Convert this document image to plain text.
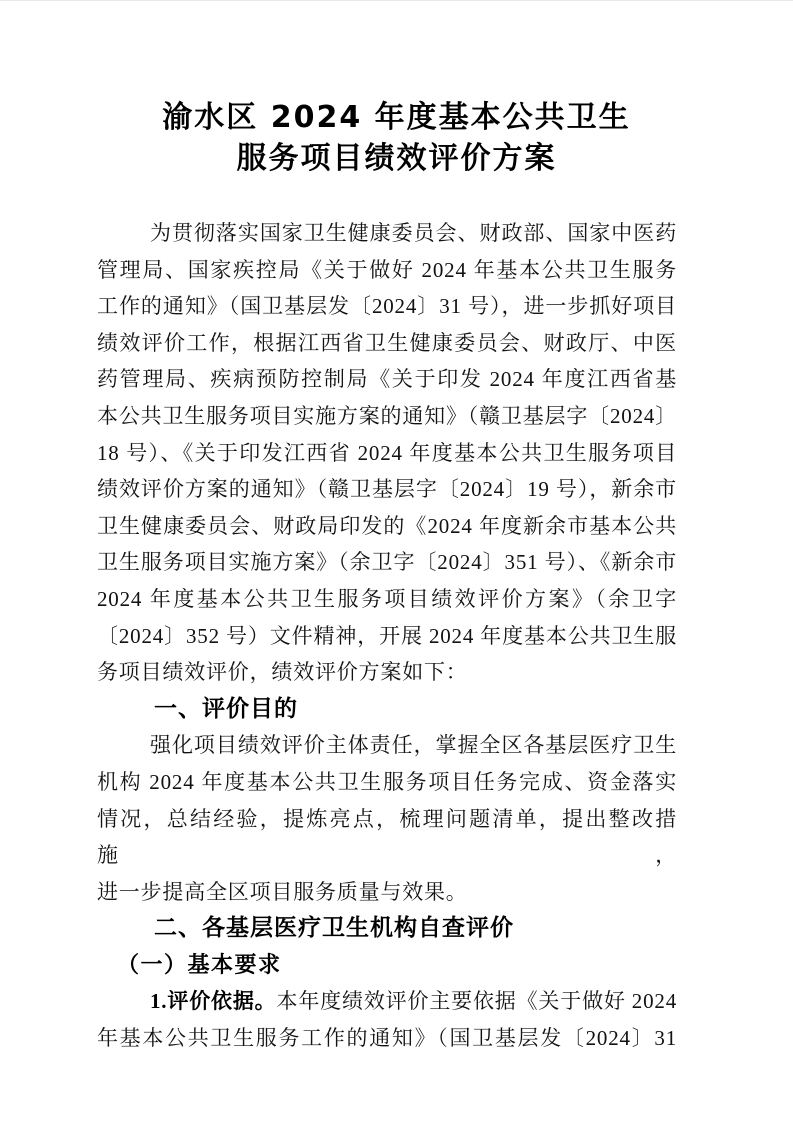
渝水区 2024 年度基本公共卫生
服务项目绩效评价方案
为贯彻落实国家卫生健康委员会、财政部、国家中医药
管理局、国家疾控局《关于做好 2024 年基本公共卫生服务
工作的通知》（国卫基层发〔2024〕31 号），进一步抓好项目
绩效评价工作，根据江西省卫生健康委员会、财政厅、中医
药管理局、疾病预防控制局《关于印发 2024 年度江西省基
本公共卫生服务项目实施方案的通知》（赣卫基层字〔2024〕
18 号）、《关于印发江西省 2024 年度基本公共卫生服务项目
绩效评价方案的通知》（赣卫基层字〔2024〕19 号），新余市
卫生健康委员会、财政局印发的《2024 年度新余市基本公共
卫生服务项目实施方案》（余卫字〔2024〕351 号）、《新余市
2024 年度基本公共卫生服务项目绩效评价方案》（余卫字
〔2024〕352 号）文件精神，开展 2024 年度基本公共卫生服
务项目绩效评价，绩效评价方案如下：
一、评价目的
强化项目绩效评价主体责任，掌握全区各基层医疗卫生
机构 2024 年度基本公共卫生服务项目任务完成、资金落实
情况，总结经验，提炼亮点，梳理问题清单，提出整改措施，
进一步提高全区项目服务质量与效果。
二、各基层医疗卫生机构自查评价
（一）基本要求
1.评价依据。本年度绩效评价主要依据《关于做好 2024
年基本公共卫生服务工作的通知》（国卫基层发〔2024〕31
